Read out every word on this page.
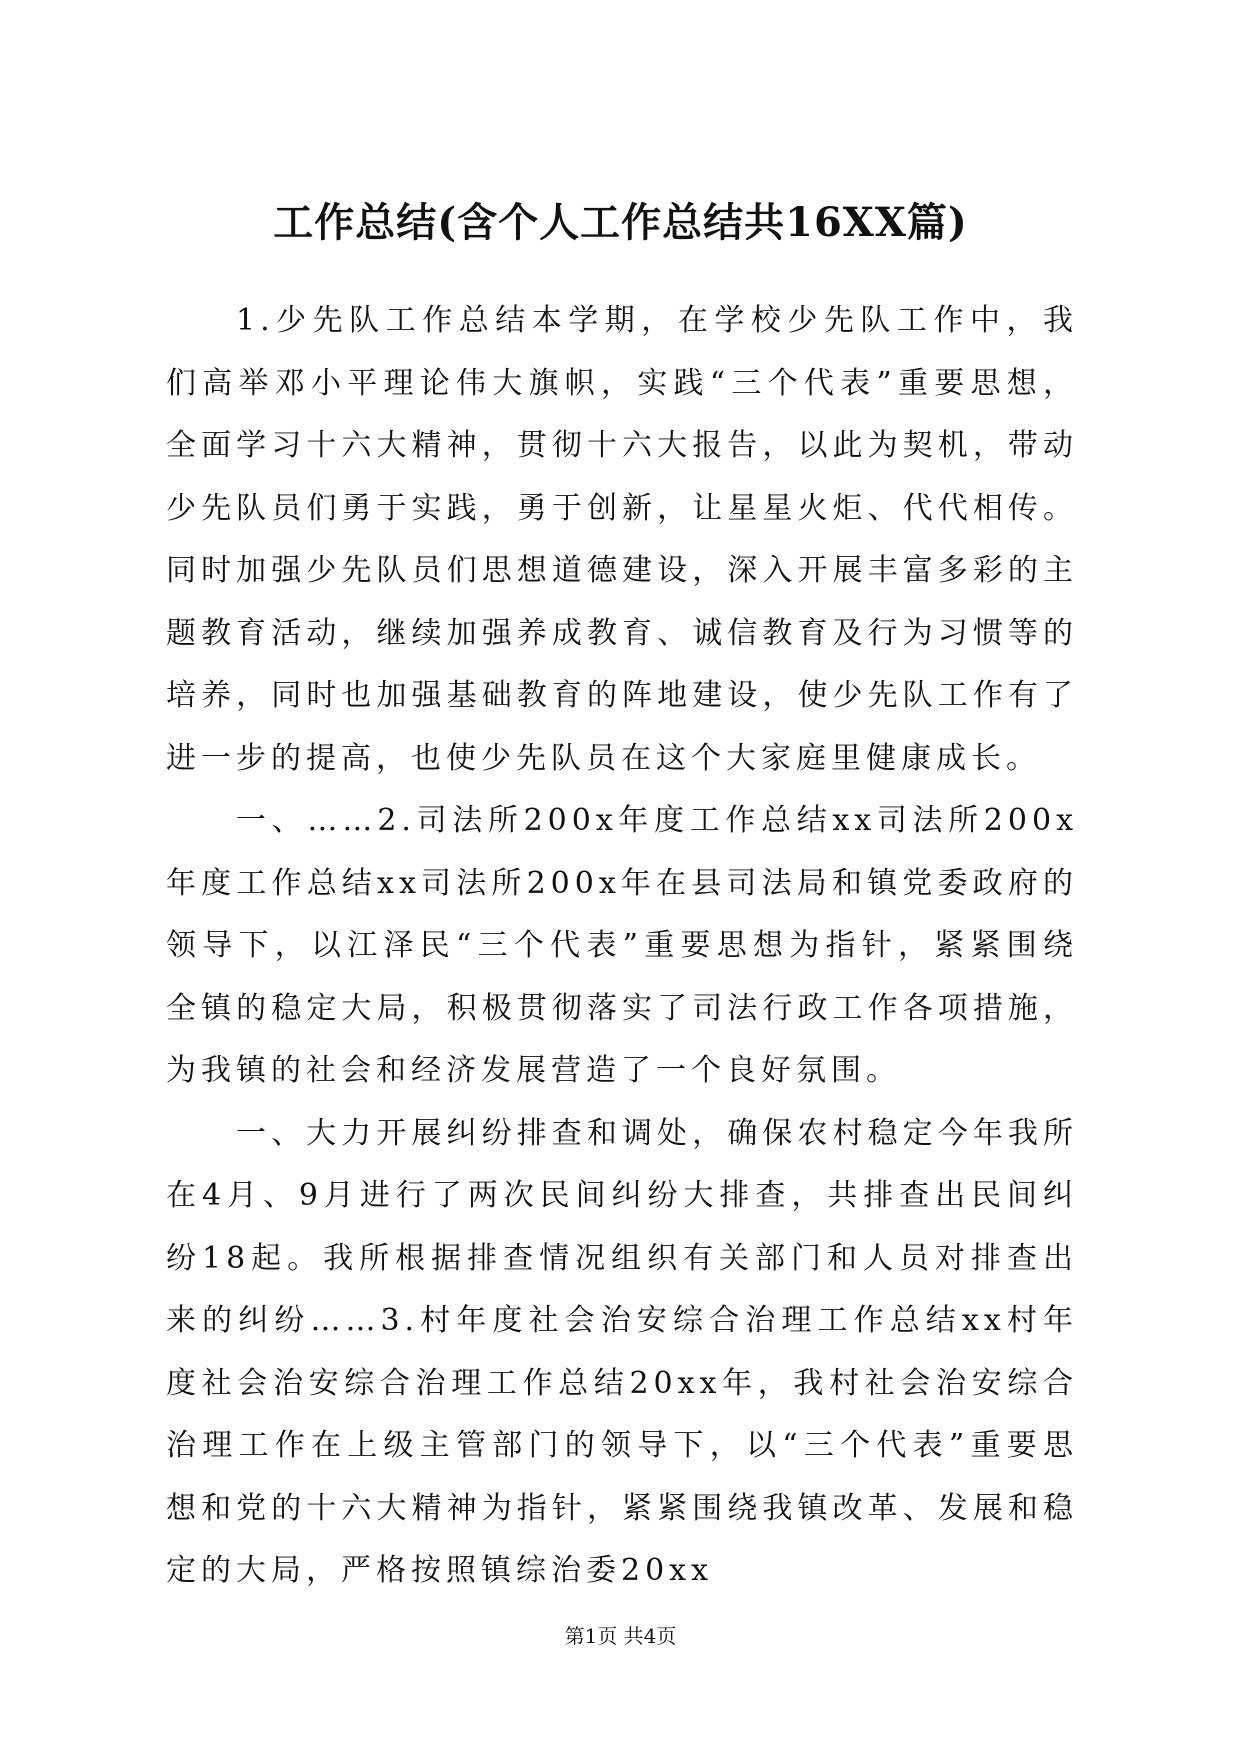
工作总结(含个人工作总结共16XX篇)

1.少先队工作总结本学期，在学校少先队工作中，我们高举邓小平理论伟大旗帜，实践“三个代表”重要思想，全面学习十六大精神，贯彻十六大报告，以此为契机，带动少先队员们勇于实践，勇于创新，让星星火炬、代代相传。同时加强少先队员们思想道德建设，深入开展丰富多彩的主题教育活动，继续加强养成教育、诚信教育及行为习惯等的培养，同时也加强基础教育的阵地建设，使少先队工作有了进一步的提高，也使少先队员在这个大家庭里健康成长。

一、……2.司法所200x年度工作总结xx司法所200x年度工作总结xx司法所200x年在县司法局和镇党委政府的领导下，以江泽民“三个代表”重要思想为指针，紧紧围绕全镇的稳定大局，积极贯彻落实了司法行政工作各项措施，为我镇的社会和经济发展营造了一个良好氛围。

一、大力开展纠纷排查和调处，确保农村稳定今年我所在4月、9月进行了两次民间纠纷大排查，共排查出民间纠纷18起。我所根据排查情况组织有关部门和人员对排查出来的纠纷……3.村年度社会治安综合治理工作总结xx村年度社会治安综合治理工作总结20xx年，我村社会治安综合治理工作在上级主管部门的领导下，以“三个代表”重要思想和党的十六大精神为指针，紧紧围绕我镇改革、发展和稳定的大局，严格按照镇综治委20xx

第1页 共4页
